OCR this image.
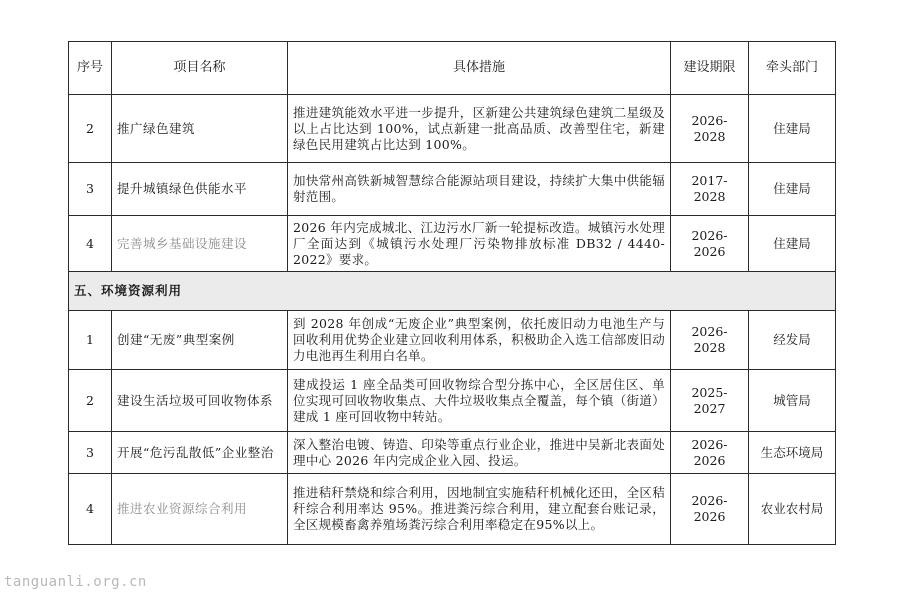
序号	项目名称	具体措施	建设期限	牵头部门
2	推广绿色建筑	推进建筑能效水平进一步提升，区新建公共建筑绿色建筑二星级及以上占比达到 100%，试点新建一批高品质、改善型住宅，新建绿色民用建筑占比达到 100%。	2026-2028	住建局
3	提升城镇绿色供能水平	加快常州高铁新城智慧综合能源站项目建设，持续扩大集中供能辐射范围。	2017-2028	住建局
4	完善城乡基础设施建设	2026 年内完成城北、江边污水厂新一轮提标改造。城镇污水处理厂全面达到《城镇污水处理厂污染物排放标准 DB32 / 4440-2022》要求。	2026-2026	住建局
五、环境资源利用				
1	创建“无废”典型案例	到 2028 年创成“无废企业”典型案例，依托废旧动力电池生产与回收利用优势企业建立回收利用体系，积极助企入选工信部废旧动力电池再生利用白名单。	2026-2028	经发局
2	建设生活垃圾可回收物体系	建成投运 1 座全品类可回收物综合型分拣中心，全区居住区、单位实现可回收物收集点、大件垃圾收集点全覆盖，每个镇（街道）建成 1 座可回收物中转站。	2025-2027	城管局
3	开展“危污乱散低”企业整治	深入整治电镀、铸造、印染等重点行业企业，推进中吴新北表面处理中心 2026 年内完成企业入园、投运。	2026-2026	生态环境局
4	推进农业资源综合利用	推进秸秆禁烧和综合利用，因地制宜实施秸秆机械化还田，全区秸秆综合利用率达 95%。推进粪污综合利用，建立配套台账记录，全区规模畜禽养殖场粪污综合利用率稳定在95%以上。	2026-2026	农业农村局
tanguanli.org.cn
